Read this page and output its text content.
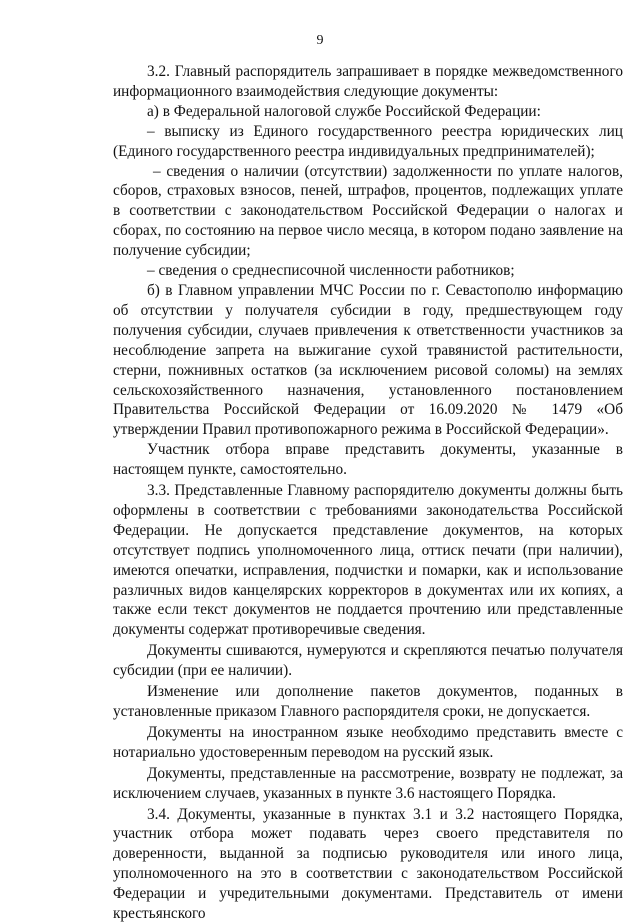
9

3.2. Главный распорядитель запрашивает в порядке межведомственного информационного взаимодействия следующие документы:

а) в Федеральной налоговой службе Российской Федерации:

– выписку из Единого государственного реестра юридических лиц (Единого государственного реестра индивидуальных предпринимателей);

– сведения о наличии (отсутствии) задолженности по уплате налогов, сборов, страховых взносов, пеней, штрафов, процентов, подлежащих уплате в соответствии с законодательством Российской Федерации о налогах и сборах, по состоянию на первое число месяца, в котором подано заявление на получение субсидии;

– сведения о среднесписочной численности работников;

б) в Главном управлении МЧС России по г. Севастополю информацию об отсутствии у получателя субсидии в году, предшествующем году получения субсидии, случаев привлечения к ответственности участников за несоблюдение запрета на выжигание сухой травянистой растительности, стерни, пожнивных остатков (за исключением рисовой соломы) на землях сельскохозяйственного назначения, установленного постановлением Правительства Российской Федерации от 16.09.2020 № 1479 «Об утверждении Правил противопожарного режима в Российской Федерации».

Участник отбора вправе представить документы, указанные в настоящем пункте, самостоятельно.

3.3. Представленные Главному распорядителю документы должны быть оформлены в соответствии с требованиями законодательства Российской Федерации. Не допускается представление документов, на которых отсутствует подпись уполномоченного лица, оттиск печати (при наличии), имеются опечатки, исправления, подчистки и помарки, как и использование различных видов канцелярских корректоров в документах или их копиях, а также если текст документов не поддается прочтению или представленные документы содержат противоречивые сведения.

Документы сшиваются, нумеруются и скрепляются печатью получателя субсидии (при ее наличии).

Изменение или дополнение пакетов документов, поданных в установленные приказом Главного распорядителя сроки, не допускается.

Документы на иностранном языке необходимо представить вместе с нотариально удостоверенным переводом на русский язык.

Документы, представленные на рассмотрение, возврату не подлежат, за исключением случаев, указанных в пункте 3.6 настоящего Порядка.

3.4. Документы, указанные в пунктах 3.1 и 3.2 настоящего Порядка, участник отбора может подавать через своего представителя по доверенности, выданной за подписью руководителя или иного лица, уполномоченного на это в соответствии с законодательством Российской Федерации и учредительными документами. Представитель от имени крестьянского
